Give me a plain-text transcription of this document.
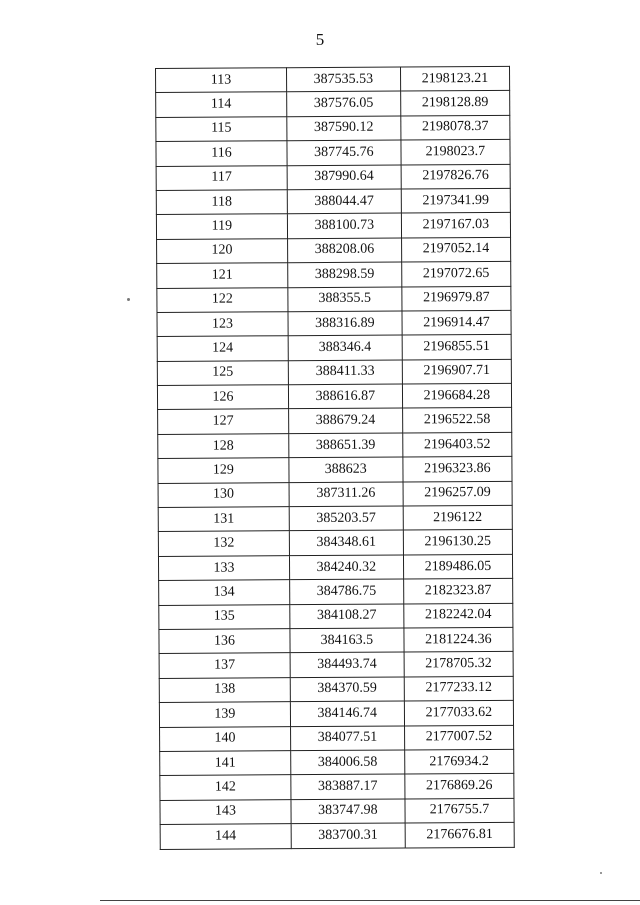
5
113	387535.53	2198123.21
114	387576.05	2198128.89
115	387590.12	2198078.37
116	387745.76	2198023.7
117	387990.64	2197826.76
118	388044.47	2197341.99
119	388100.73	2197167.03
120	388208.06	2197052.14
121	388298.59	2197072.65
122	388355.5	2196979.87
123	388316.89	2196914.47
124	388346.4	2196855.51
125	388411.33	2196907.71
126	388616.87	2196684.28
127	388679.24	2196522.58
128	388651.39	2196403.52
129	388623	2196323.86
130	387311.26	2196257.09
131	385203.57	2196122
132	384348.61	2196130.25
133	384240.32	2189486.05
134	384786.75	2182323.87
135	384108.27	2182242.04
136	384163.5	2181224.36
137	384493.74	2178705.32
138	384370.59	2177233.12
139	384146.74	2177033.62
140	384077.51	2177007.52
141	384006.58	2176934.2
142	383887.17	2176869.26
143	383747.98	2176755.7
144	383700.31	2176676.81
